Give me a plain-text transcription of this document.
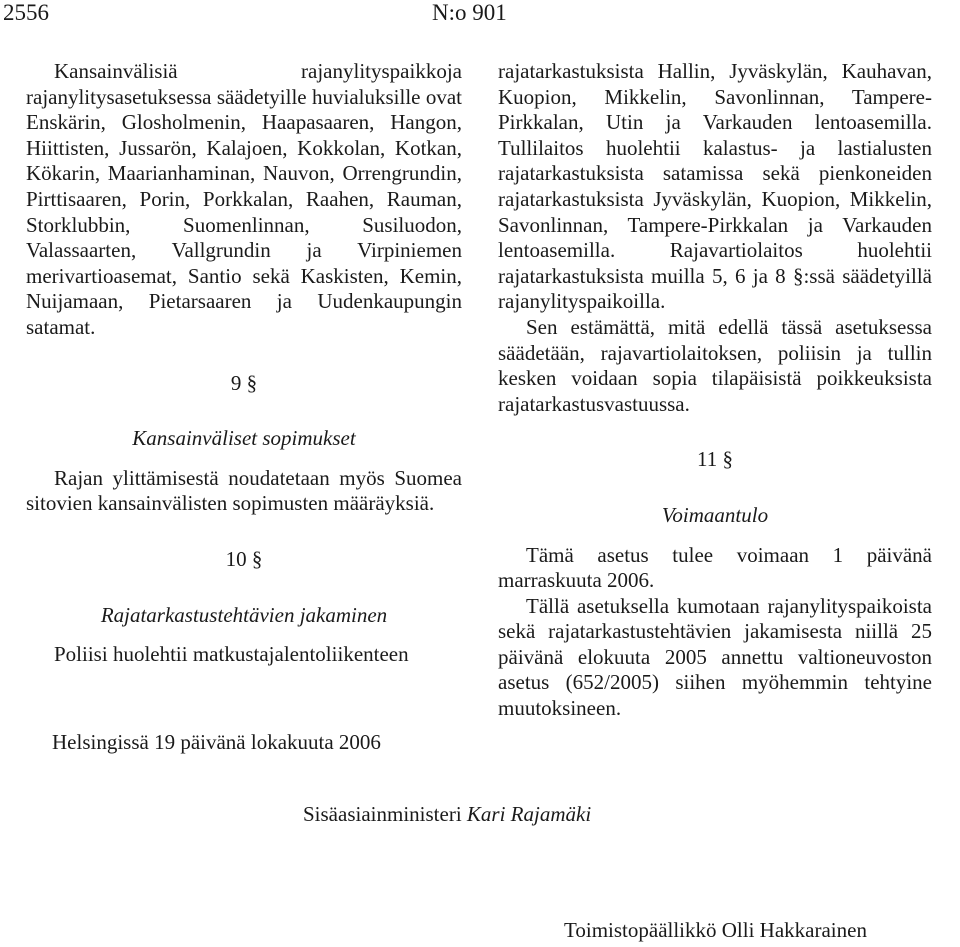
2556	N:o 901

Kansainvälisiä rajanylityspaikkoja rajanylitysasetuksessa säädetyille huvialuksille ovat Enskärin, Glosholmenin, Haapasaaren, Hangon, Hiittisten, Jussarön, Kalajoen, Kokkolan, Kotkan, Kökarin, Maarianhaminan, Nauvon, Orrengrundin, Pirttisaaren, Porin, Porkkalan, Raahen, Rauman, Storklubbin, Suomenlinnan, Susiluodon, Valassaarten, Vallgrundin ja Virpiniemen merivartioasemat, Santio sekä Kaskisten, Kemin, Nuijamaan, Pietarsaaren ja Uudenkaupungin satamat.

9 §
Kansainväliset sopimukset

Rajan ylittämisestä noudatetaan myös Suomea sitovien kansainvälisten sopimusten määräyksiä.

10 §
Rajatarkastustehtävien jakaminen

Poliisi huolehtii matkustajalentoliikenteen

rajatarkastuksista Hallin, Jyväskylän, Kauhavan, Kuopion, Mikkelin, Savonlinnan, Tampere-Pirkkalan, Utin ja Varkauden lentoasemilla. Tullilaitos huolehtii kalastus- ja lastialusten rajatarkastuksista satamissa sekä pienkoneiden rajatarkastuksista Jyväskylän, Kuopion, Mikkelin, Savonlinnan, Tampere-Pirkkalan ja Varkauden lentoasemilla. Rajavartiolaitos huolehtii rajatarkastuksista muilla 5, 6 ja 8 §:ssä säädetyillä rajanylityspaikoilla.

Sen estämättä, mitä edellä tässä asetuksessa säädetään, rajavartiolaitoksen, poliisin ja tullin kesken voidaan sopia tilapäisistä poikkeuksista rajatarkastusvastuussa.

11 §
Voimaantulo

Tämä asetus tulee voimaan 1 päivänä marraskuuta 2006.

Tällä asetuksella kumotaan rajanylityspaikoista sekä rajatarkastustehtävien jakamisesta niillä 25 päivänä elokuuta 2005 annettu valtioneuvoston asetus (652/2005) siihen myöhemmin tehtyine muutoksineen.

Helsingissä 19 päivänä lokakuuta 2006
Sisäasiainministeri Kari Rajamäki
Toimistopäällikkö Olli Hakkarainen
